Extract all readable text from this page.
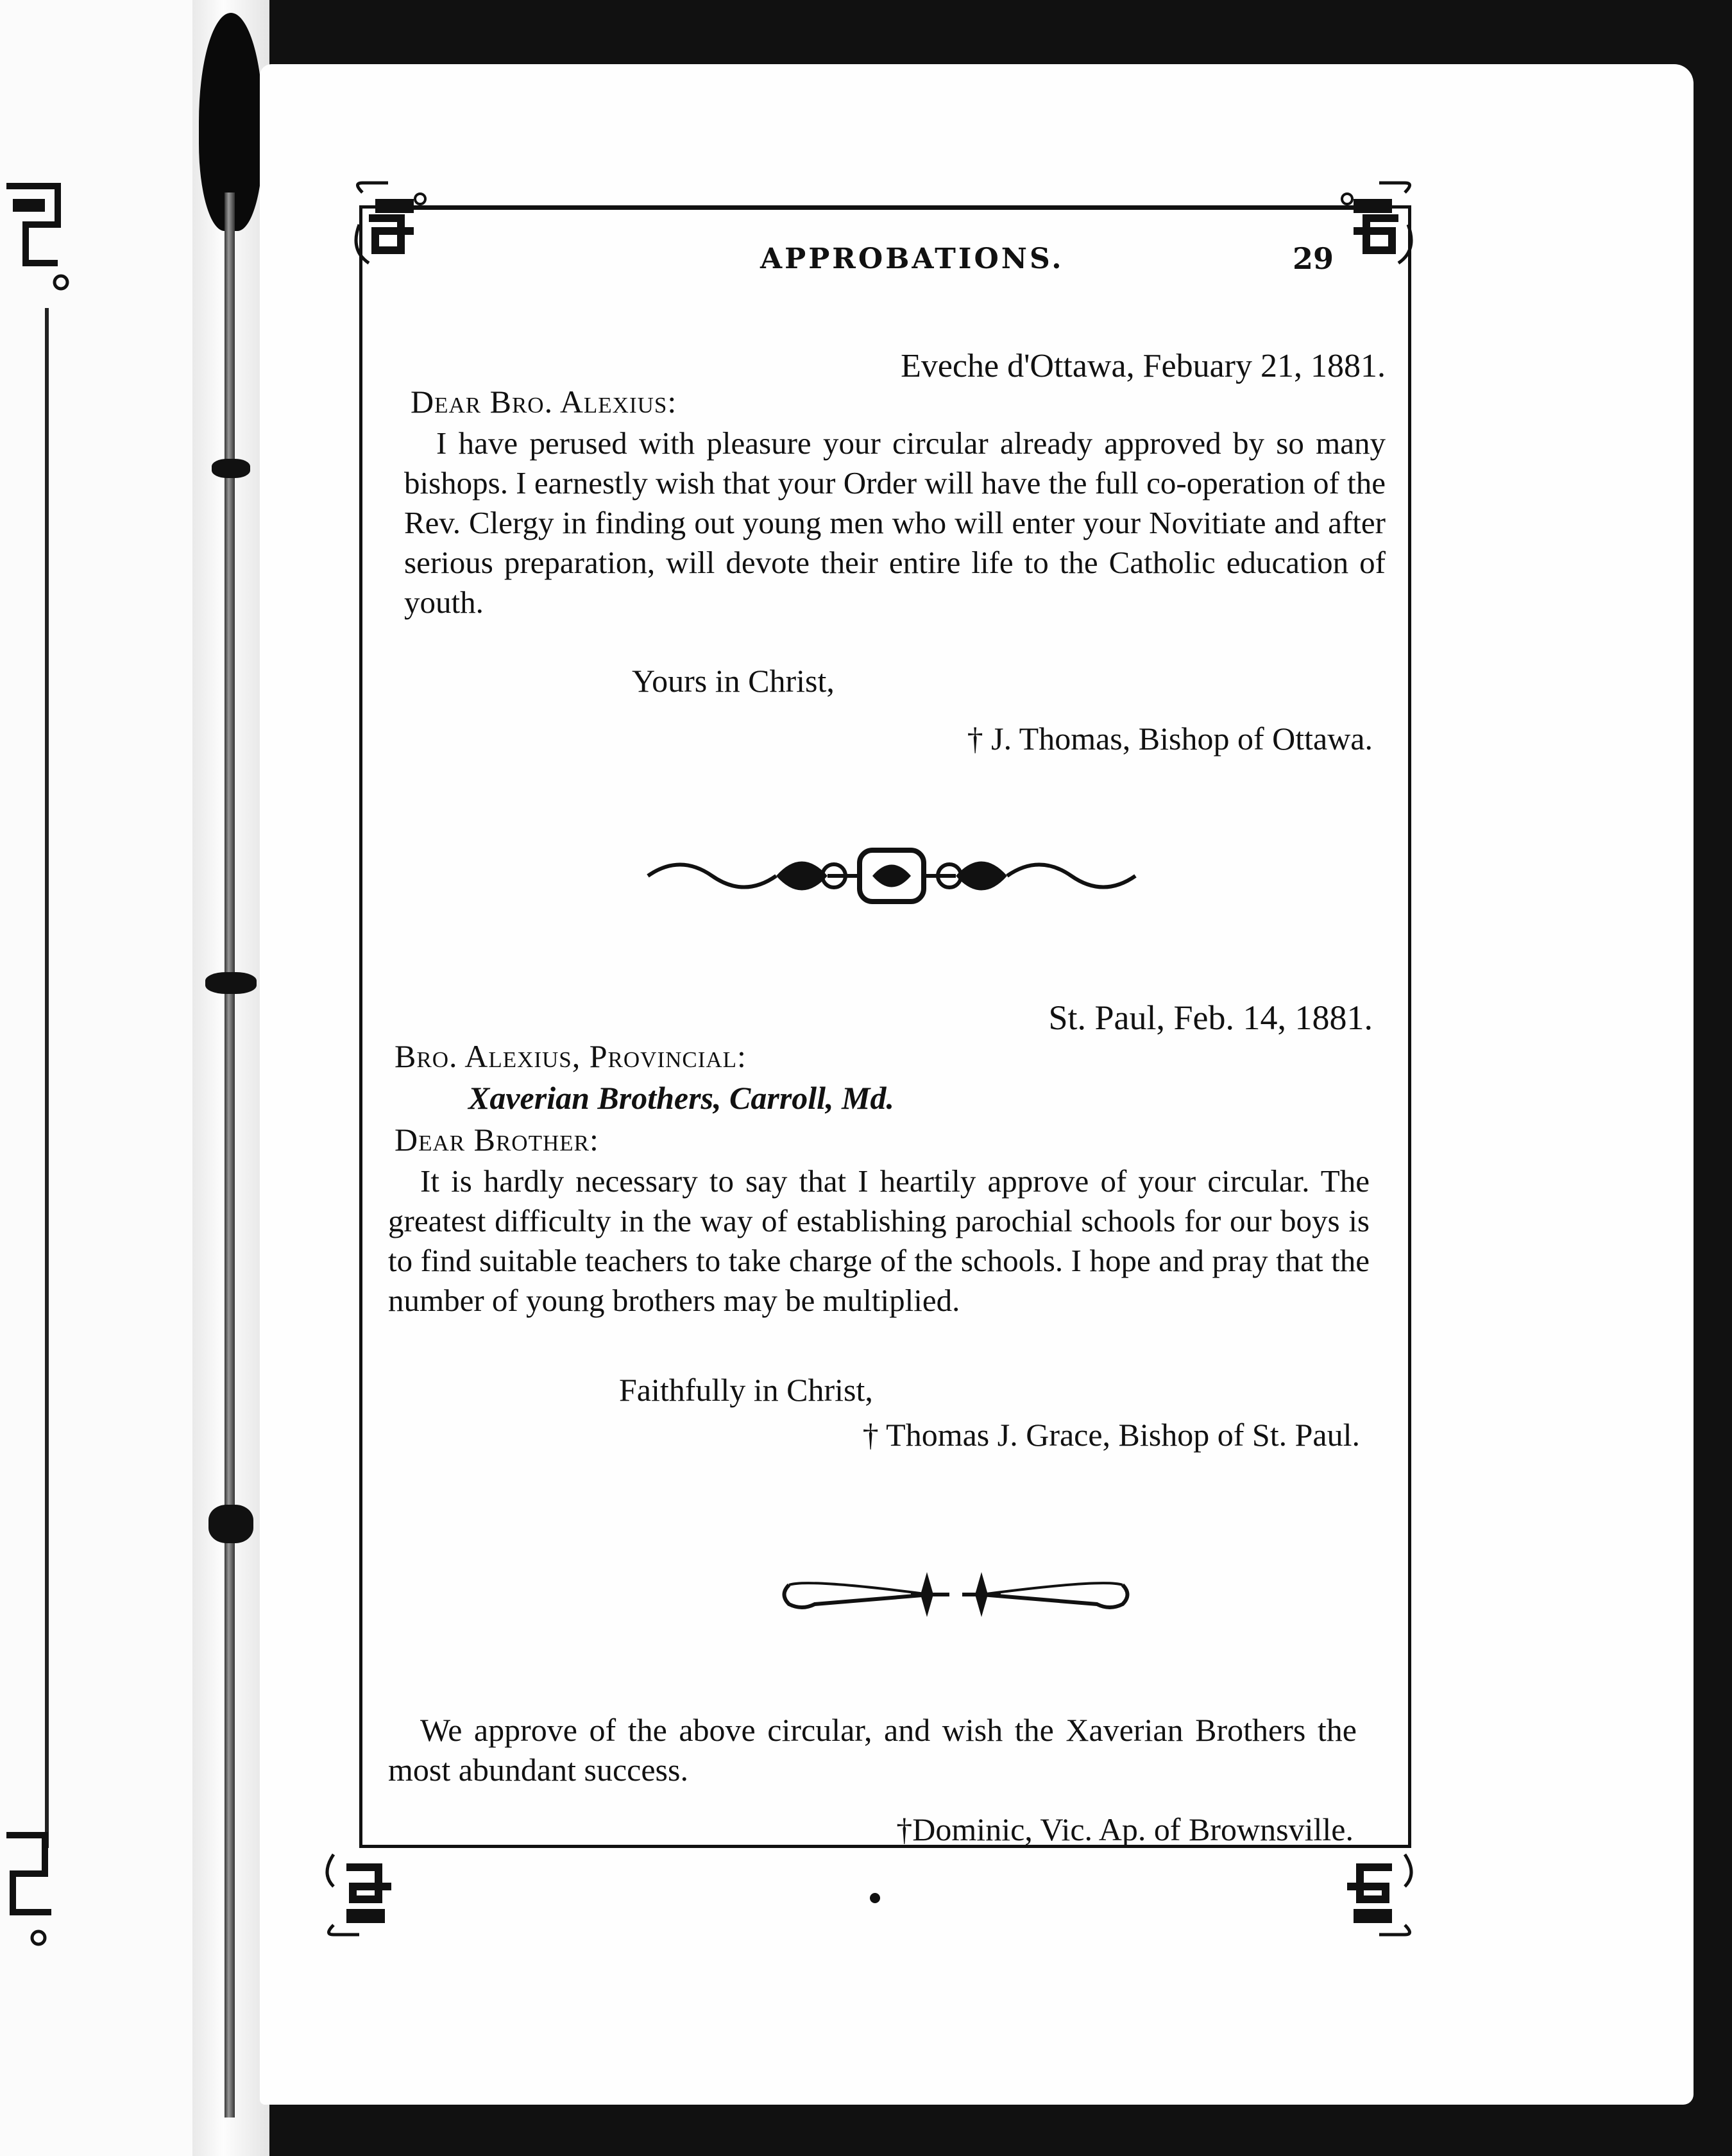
APPROBATIONS.	29
Eveche d'Ottawa, Febuary 21, 1881.
Dear Bro. Alexius:
I have perused with pleasure your circular already approved by so many bishops. I earnestly wish that your Order will have the full co-operation of the Rev. Clergy in finding out young men who will enter your Novitiate and after serious preparation, will devote their entire life to the Catholic education of youth.
Yours in Christ,
† J. Thomas, Bishop of Ottawa.
St. Paul, Feb. 14, 1881.
Bro. Alexius, Provincial:
Xaverian Brothers, Carroll, Md.
Dear Brother:
It is hardly necessary to say that I heartily approve of your circular. The greatest difficulty in the way of establishing parochial schools for our boys is to find suitable teachers to take charge of the schools. I hope and pray that the number of young brothers may be multiplied.
Faithfully in Christ,
† Thomas J. Grace, Bishop of St. Paul.
We approve of the above circular, and wish the Xaverian Brothers the most abundant success.
†Dominic, Vic. Ap. of Brownsville.
